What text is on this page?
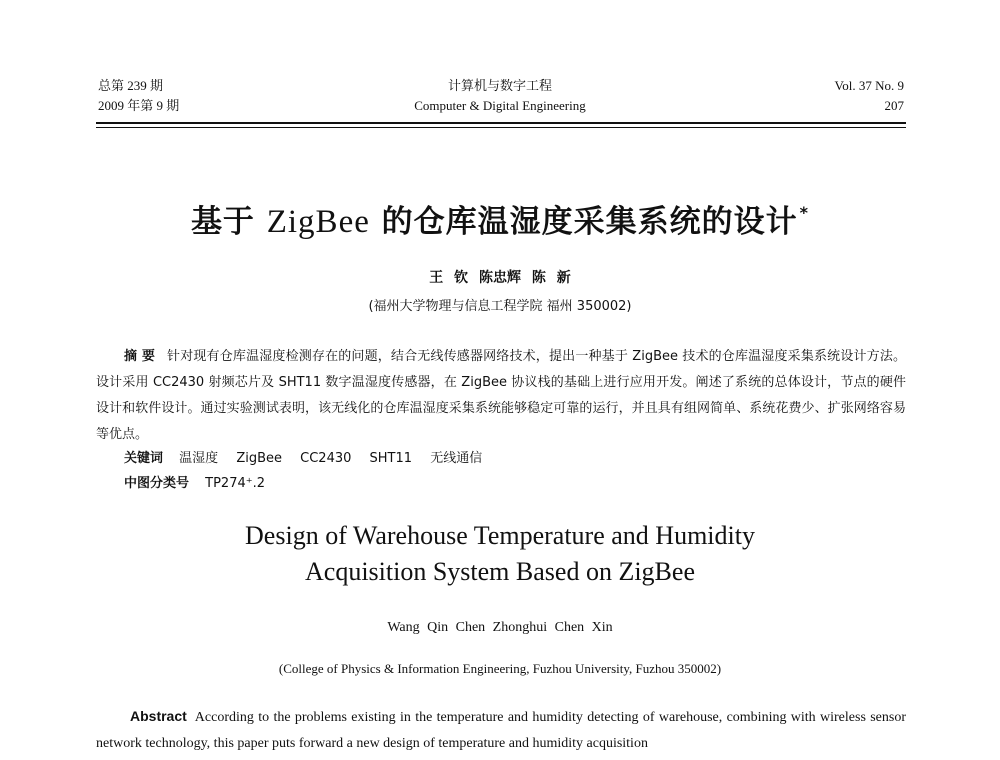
总第 239 期
2009 年第 9 期
计算机与数字工程
Computer & Digital Engineering
Vol. 37 No. 9
207
基于 ZigBee 的仓库温湿度采集系统的设计 *
王 钦 陈忠辉 陈 新
(福州大学物理与信息工程学院 福州 350002)
摘 要 针对现有仓库温湿度检测存在的问题，结合无线传感器网络技术，提出一种基于 ZigBee 技术的仓库温湿度采集系统设计方法。设计采用 CC2430 射频芯片及 SHT11 数字温湿度传感器，在 ZigBee 协议栈的基础上进行应用开发。阐述了系统的总体设计，节点的硬件设计和软件设计。通过实验测试表明，该无线化的仓库温湿度采集系统能够稳定可靠的运行，并且具有组网简单、系统花费少、扩张网络容易等优点。
关键词 温湿度 ZigBee CC2430 SHT11 无线通信
中图分类号 TP274⁺.2
Design of Warehouse Temperature and Humidity
Acquisition System Based on ZigBee
Wang Qin Chen Zhonghui Chen Xin
(College of Physics & Information Engineering, Fuzhou University, Fuzhou 350002)
Abstract According to the problems existing in the temperature and humidity detecting of warehouse, combining with wireless sensor network technology, this paper puts forward a new design of temperature and humidity acquisition
